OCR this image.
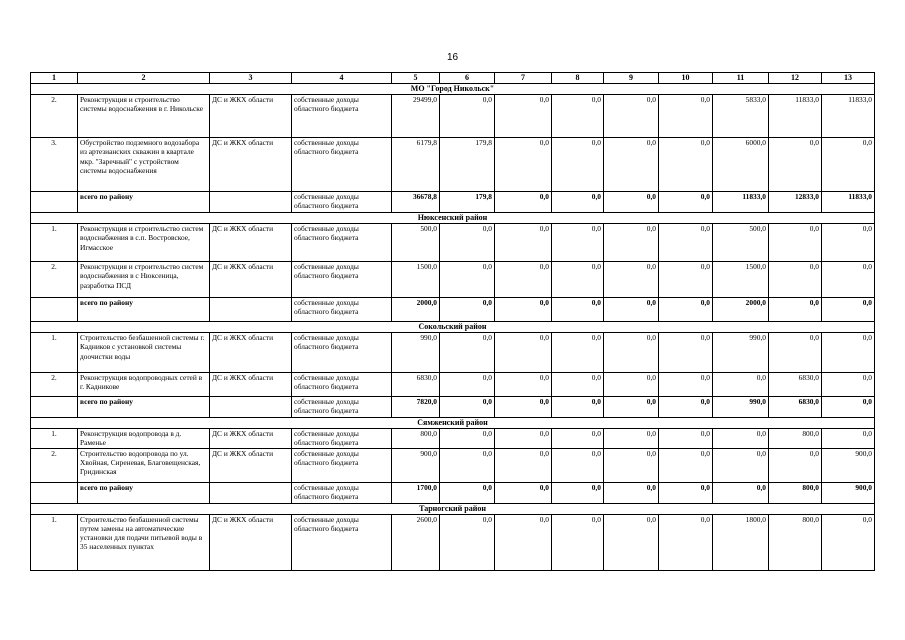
16
1	2	3	4	5	6	7	8	9	10	11	12	13
МО "Город Никольск"												
2.	Реконструкция и строительство системы водоснабжения в г. Никольске	ДС и ЖКХ области	собственные доходы областного бюджета	29499,0	0,0	0,0	0,0	0,0	0,0	5833,0	11833,0	11833,0
3.	Обустройство подземного водозабора из артезианских скважин в квартале мкр. "Заречный" с устройством системы водоснабжения	ДС и ЖКХ области	собственные доходы областного бюджета	6179,8	179,8	0,0	0,0	0,0	0,0	6000,0	0,0	0,0
	всего по району		собственные доходы областного бюджета	36678,8	179,8	0,0	0,0	0,0	0,0	11833,0	12833,0	11833,0
Нюксенский район												
1.	Реконструкция и строительство систем водоснабжения в с.п. Востровское, Игмасское	ДС и ЖКХ области	собственные доходы областного бюджета	500,0	0,0	0,0	0,0	0,0	0,0	500,0	0,0	0,0
2.	Реконструкция и строительство систем водоснабжения в с Нюксеница, разработка ПСД	ДС и ЖКХ области	собственные доходы областного бюджета	1500,0	0,0	0,0	0,0	0,0	0,0	1500,0	0,0	0,0
	всего по району		собственные доходы областного бюджета	2000,0	0,0	0,0	0,0	0,0	0,0	2000,0	0,0	0,0
Сокольский район												
1.	Строительство безбашенной системы г. Кадников с установкой системы доочистки воды	ДС и ЖКХ области	собственные доходы областного бюджета	990,0	0,0	0,0	0,0	0,0	0,0	990,0	0,0	0,0
2.	Реконструкция водопроводных сетей в г. Кадникове	ДС и ЖКХ области	собственные доходы областного бюджета	6830,0	0,0	0,0	0,0	0,0	0,0	0,0	6830,0	0,0
	всего по району		собственные доходы областного бюджета	7820,0	0,0	0,0	0,0	0,0	0,0	990,0	6830,0	0,0
Сямженский район												
1.	Реконструкция водопровода в д. Раменье	ДС и ЖКХ области	собственные доходы областного бюджета	800,0	0,0	0,0	0,0	0,0	0,0	0,0	800,0	0,0
2.	Строительство водопровода по ул. Хвойная, Сиреневая, Благовещенская, Гридинская	ДС и ЖКХ области	собственные доходы областного бюджета	900,0	0,0	0,0	0,0	0,0	0,0	0,0	0,0	900,0
	всего по району		собственные доходы областного бюджета	1700,0	0,0	0,0	0,0	0,0	0,0	0,0	800,0	900,0
Тарногский район												
1.	Строительство безбашенной системы путем замены на автоматические установки для подачи питьевой воды в 35 населенных пунктах	ДС и ЖКХ области	собственные доходы областного бюджета	2600,0	0,0	0,0	0,0	0,0	0,0	1800,0	800,0	0,0
